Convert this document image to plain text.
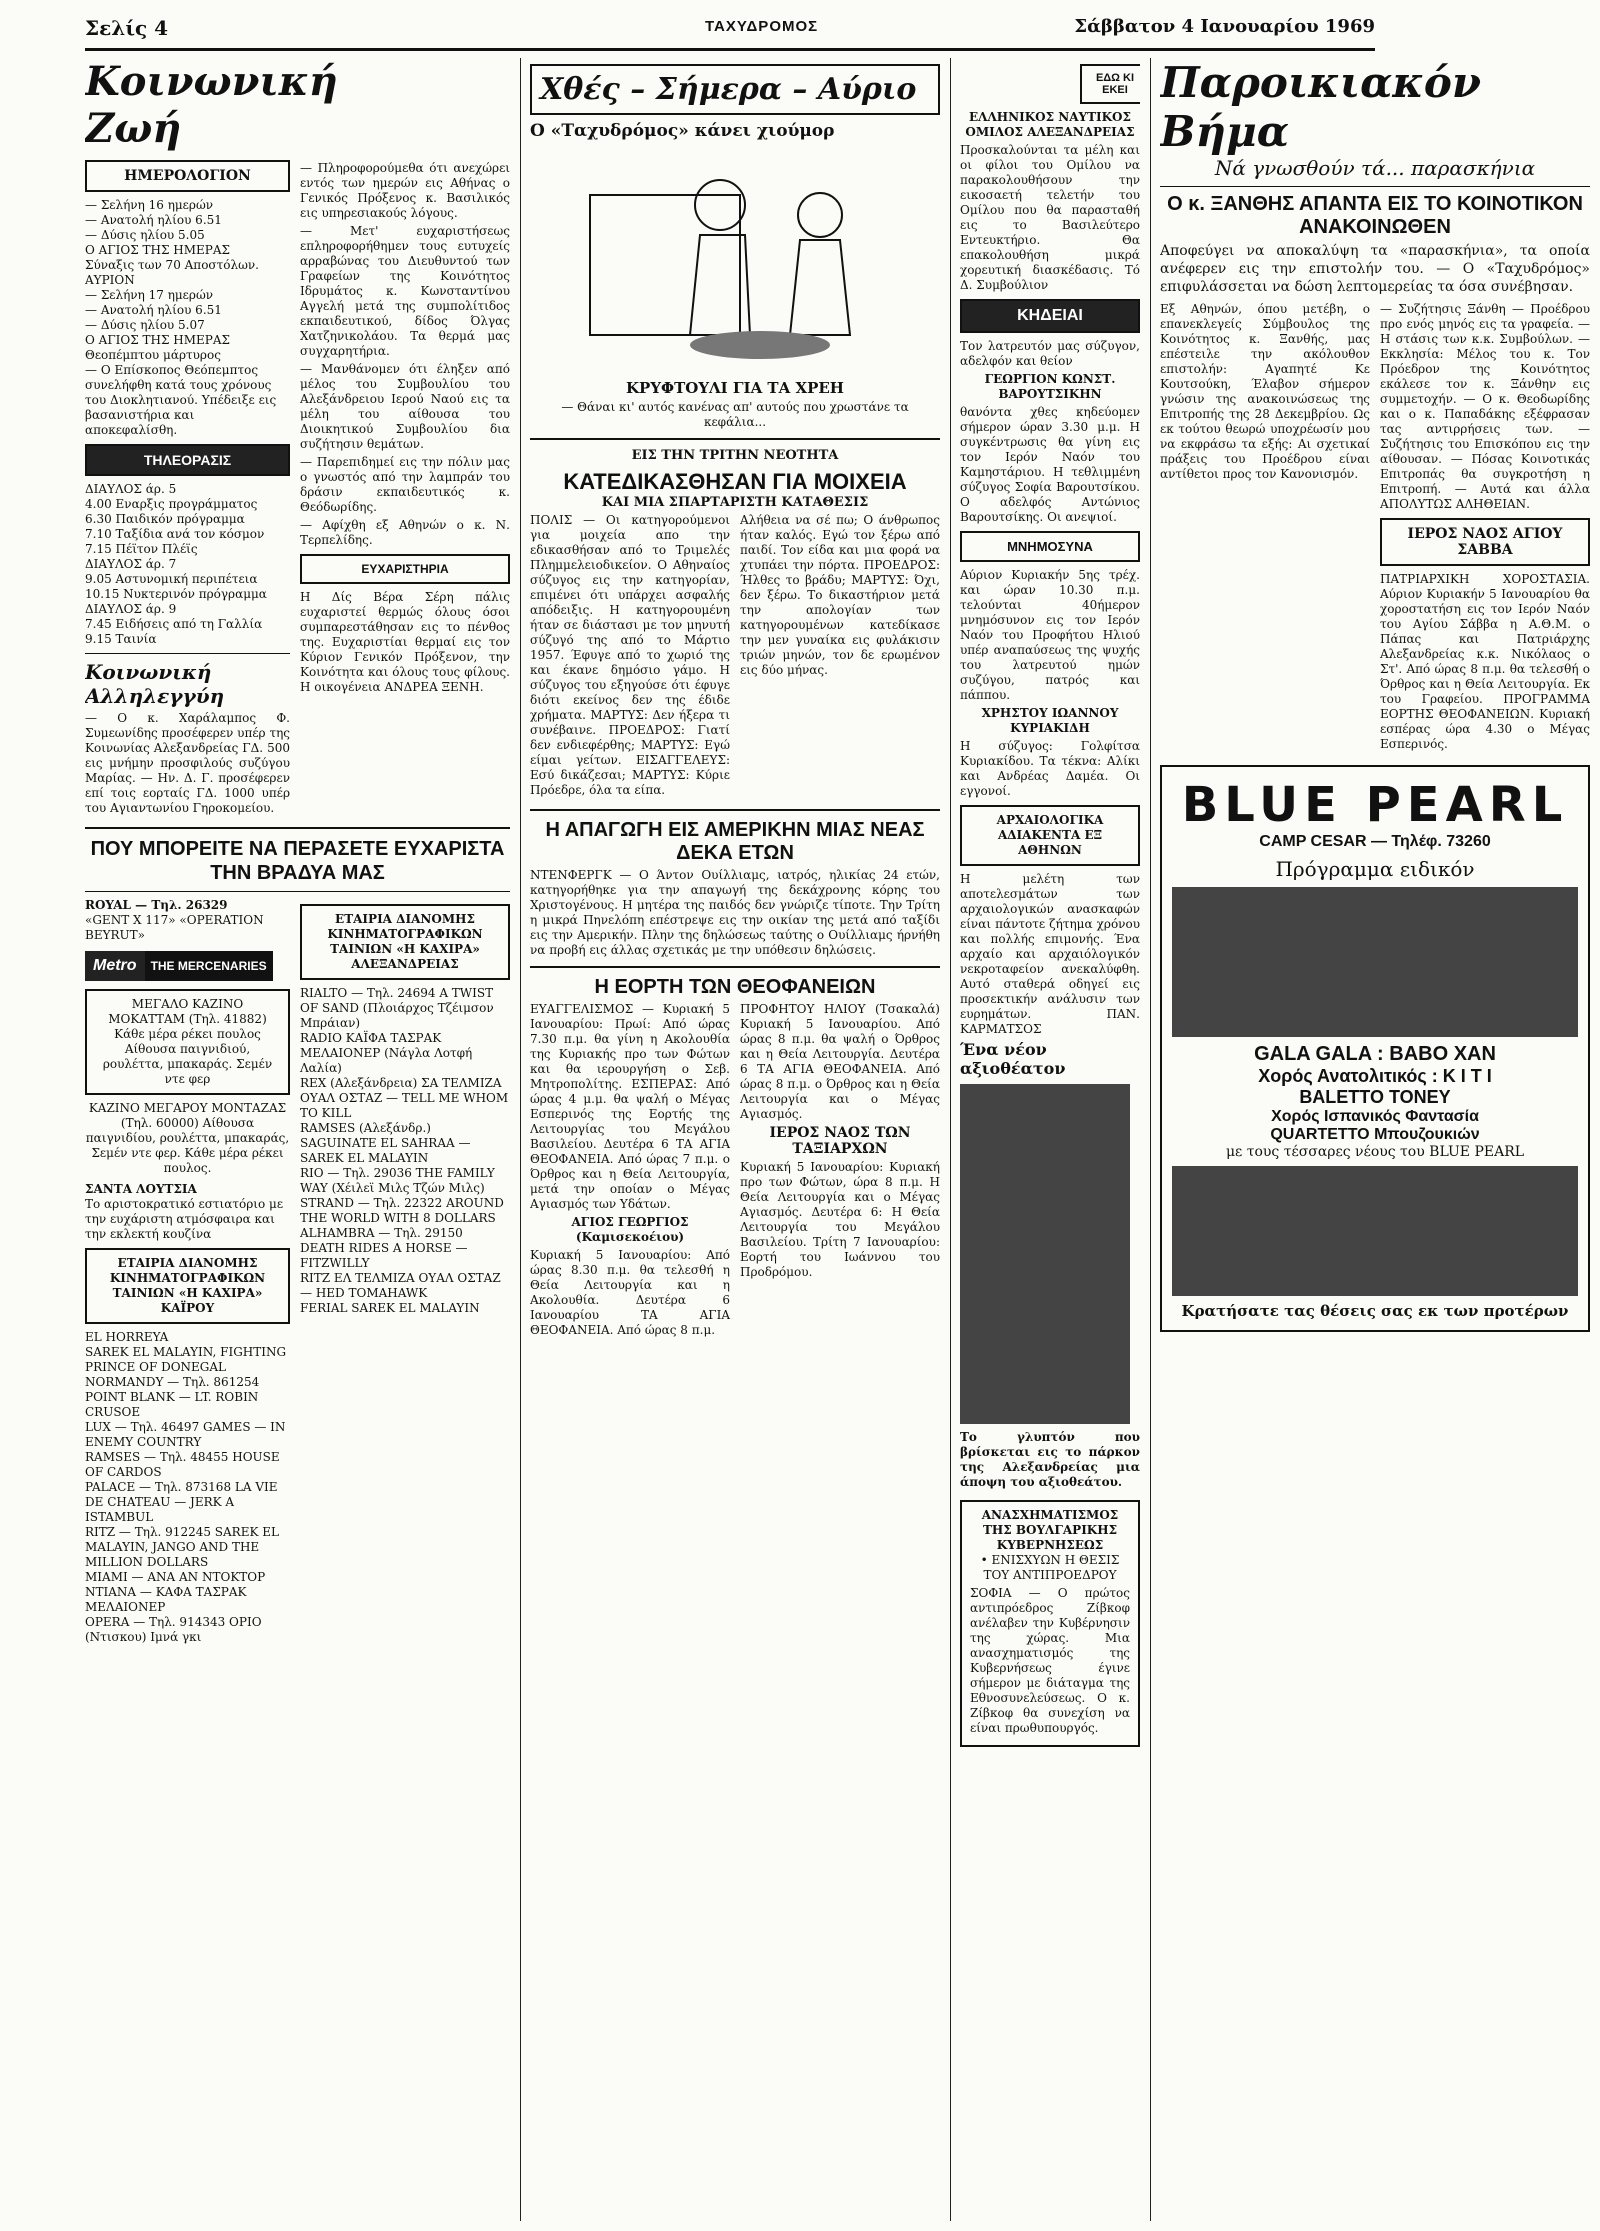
Σελίς 4	ΤΑΧΥΔΡΟΜΟΣ	Σάββατον 4 Ιανουαρίου 1969
Κοινωνική Ζωή
ΗΜΕΡΟΛΟΓΙΟΝ
— Σελήνη 16 ημερών
— Ανατολή ηλίου 6.51
— Δύσις ηλίου 5.05
Ο ΑΓΙΟΣ ΤΗΣ ΗΜΕΡΑΣ
Σύναξις των 70 Αποστόλων.
ΑΥΡΙΟΝ
— Σελήνη 17 ημερών
— Ανατολή ηλίου 6.51
— Δύσις ηλίου 5.07
Ο ΑΓΙΟΣ ΤΗΣ ΗΜΕΡΑΣ
Θεοπέμπτου μάρτυρος
— Ο Επίσκοπος Θεόπεμπτος συνελήφθη κατά τους χρόνους του Διοκλητιανού. Υπέδειξε εις βασανιστήρια και αποκεφαλίσθη.
ΤΗΛΕΟΡΑΣΙΣ
ΔΙΑΥΛΟΣ άρ. 5
4.00 Εναρξις προγράμματος
6.30 Παιδικόν πρόγραμμα
7.10 Ταξίδια ανά τον κόσμον
7.15 Πέϊτον Πλέϊς
ΔΙΑΥΛΟΣ άρ. 7
9.05 Αστυνομική περιπέτεια
10.15 Νυκτερινόν πρόγραμμα
ΔΙΑΥΛΟΣ άρ. 9
7.45 Ειδήσεις από τη Γαλλία
9.15 Ταινία
Κοινωνική Αλληλεγγύη

— Ο κ. Χαράλαμπος Φ. Συμεωνίδης προσέφερεν υπέρ της Κοινωνίας Αλεξανδρείας ΓΔ. 500 εις μνήμην προσφιλούς συζύγου Μαρίας. — Ην. Δ. Γ. προσέφερεν επί τοις εορταίς ΓΔ. 1000 υπέρ του Αγιαντωνίου Γηροκομείου.

— Πληροφορούμεθα ότι ανεχώρει εντός των ημερών εις Αθήνας ο Γενικός Πρόξενος κ. Βασιλικός εις υπηρεσιακούς λόγους.

— Μετ' ευχαριστήσεως επληροφορήθημεν τους ευτυχείς αρραβώνας του Διευθυντού των Γραφείων της Κοινότητος Ιδρυμάτος κ. Κωνσταντίνου Αγγελή μετά της συμπολίτιδος εκπαιδευτικού, δίδος Όλγας Χατζηνικολάου. Τα θερμά μας συγχαρητήρια.

— Μανθάνομεν ότι έληξεν από μέλος του Συμβουλίου του Αλεξάνδρειου Ιερού Ναού εις τα μέλη του αίθουσα του Διοικητικού Συμβουλίου δια συζήτησιν θεμάτων.

— Παρεπιδημεί εις την πόλιν μας ο γνωστός από την λαμπράν του δράσιν εκπαιδευτικός κ. Θεόδωρίδης.

— Αφίχθη εξ Αθηνών ο κ. Ν. Τερπελίδης.

ΕΥΧΑΡΙΣΤΗΡΙΑ

Η Δίς Βέρα Σέρη πάλις ευχαριστεί θερμώς όλους όσοι συμπαρεστάθησαν εις το πένθος της. Ευχαριστίαι θερμαί εις τον Κύριον Γενικόν Πρόξενον, την Κοινότητα και όλους τους φίλους. Η οικογένεια ΑΝΔΡΕΑ ΞΕΝΗ.

ΠΟΥ ΜΠΟΡΕΙΤΕ ΝΑ ΠΕΡΑΣΕΤΕ ΕΥΧΑΡΙΣΤΑ ΤΗΝ ΒΡΑΔΥΑ ΜΑΣ
ROYAL — Τηλ. 26329
«GENT X 117» «OPERATION BEYRUT»
Metro	THE MERCENARIES
ΜΕΓΑΛΟ ΚΑΖΙΝΟ ΜΟΚΑΤΤΑΜ (Τηλ. 41882) Κάθε μέρα ρέκει πουλος Αίθουσα παιγνιδιού, ρουλέττα, μπακαράς. Σεμέν ντε φερ
ΚΑΖΙΝΟ ΜΕΓΑΡΟΥ ΜΟΝΤΑΖΑΣ (Τηλ. 60000) Αίθουσα παιγνιδίου, ρουλέττα, μπακαράς, Σεμέν ντε φερ. Κάθε μέρα ρέκει πουλος.
ΣΑΝΤΑ ΛΟΥΤΣΙΑ
Το αριστοκρατικό εστιατόριο με την ευχάριστη ατμόσφαιρα και την εκλεκτή κουζίνα
ΕΤΑΙΡΙΑ ΔΙΑΝΟΜΗΣ ΚΙΝΗΜΑΤΟΓΡΑΦΙΚΩΝ ΤΑΙΝΙΩΝ «Η ΚΑΧΙΡΑ» ΚΑΪΡΟΥ
EL HORREYA
SAREK EL MALAYIN, FIGHTING PRINCE OF DONEGAL
NORMANDY — Τηλ. 861254 POINT BLANK — LT. ROBIN CRUSOE
LUX — Τηλ. 46497 GAMES — IN ENEMY COUNTRY
RAMSES — Τηλ. 48455 HOUSE OF CARDOS
PALACE — Τηλ. 873168 LA VIE DE CHATEAU — JERK A ISTAMBUL
RITZ — Τηλ. 912245 SAREK EL MALAYIN, JANGO AND THE MILLION DOLLARS
MIAMI — ΑΝΑ ΑΝ ΝΤΟΚΤΟΡ
NTIANA — ΚΑΦΑ ΤΑΣΡΑΚ ΜΕΛΑΙΟΝΕΡ
OPERA — Τηλ. 914343 ΟΡΙΟ (Ντισκου) Ιμνά γκι
ΕΤΑΙΡΙΑ ΔΙΑΝΟΜΗΣ ΚΙΝΗΜΑΤΟΓΡΑΦΙΚΩΝ ΤΑΙΝΙΩΝ «Η ΚΑΧΙΡΑ» ΑΛΕΞΑΝΔΡΕΙΑΣ
RIALTO — Τηλ. 24694 A TWIST OF SAND (Πλοιάρχος Τζέιμσον Μπράιαν)
RADIO ΚΑΪΦΑ ΤΑΣΡΑΚ ΜΕΛΑΙΟΝΕΡ (Νάγλα Λοτφή Λαλία)
REX (Αλεξάνδρεια) ΣΑ ΤΕΛΜΙΖΑ ΟΥΑΛ ΟΣΤΑΖ — TELL ME WHOM TO KILL
RAMSES (Αλεξάνδρ.) SAGUINATE EL SAHRAA — SAREK EL MALAYIN
RIO — Τηλ. 29036 THE FAMILY WAY (Χέιλεϊ Μιλς Τζών Μιλς)
STRAND — Τηλ. 22322 AROUND THE WORLD WITH 8 DOLLARS
ALHAMBRA — Τηλ. 29150 DEATH RIDES A HORSE — FITZWILLY
RITZ ΕΛ ΤΕΛΜΙΖΑ ΟΥΑΛ ΟΣΤΑΖ — HED TOMAHAWK
FERIAL SAREK EL MALAYIN
Χθές – Σήμερα – Αύριο
Ο «Ταχυδρόμος» κάνει χιούμορ
ΚΡΥΦΤΟΥΛΙ ΓΙΑ ΤΑ ΧΡΕΗ
— Θάναι κι' αυτός κανένας απ' αυτούς που χρωστάνε τα κεφάλια...
ΕΙΣ ΤΗΝ ΤΡΙΤΗΝ ΝΕΟΤΗΤΑ
ΚΑΤΕΔΙΚΑΣΘΗΣΑΝ ΓΙΑ ΜΟΙΧΕΙΑ
ΚΑΙ ΜΙΑ ΣΠΑΡΤΑΡΙΣΤΗ ΚΑΤΑΘΕΣΙΣ

ΠΟΛΙΣ — Οι κατηγορούμενοι για μοιχεία απο την εδικασθήσαν από το Τριμελές Πλημμελειοδικείον. Ο Αθηναίος σύζυγος εις την κατηγορίαν, επιμένει ότι υπάρχει ασφαλής απόδειξις. Η κατηγορουμένη ήταν σε διάστασι με τον μηνυτή σύζυγό της από το Μάρτιο 1957. Έφυγε από το χωριό της και έκανε δημόσιο γάμο. Η σύζυγος του εξηγούσε ότι έφυγε διότι εκείνος δεν της έδιδε χρήματα. ΜΑΡΤΥΣ: Δεν ήξερα τι συνέβαινε. ΠΡΟΕΔΡΟΣ: Γιατί δεν ενδιεφέρθης; ΜΑΡΤΥΣ: Εγώ είμαι γείτων. ΕΙΣΑΓΓΕΛΕΥΣ: Εσύ δικάζεσαι; ΜΑΡΤΥΣ: Κύριε Πρόεδρε, όλα τα είπα.

Αλήθεια να σέ πω; Ο άνθρωπος ήταν καλός. Εγώ τον ξέρω από παιδί. Τον είδα και μια φορά να χτυπάει την πόρτα. ΠΡΟΕΔΡΟΣ: Ήλθες το βράδυ; ΜΑΡΤΥΣ: Όχι, δεν ξέρω. Το δικαστήριον μετά την απολογίαν των κατηγορουμένων κατεδίκασε την μεν γυναίκα εις φυλάκισιν τριών μηνών, τον δε ερωμένον εις δύο μήνας.

Η ΑΠΑΓΩΓΗ ΕΙΣ ΑΜΕΡΙΚΗΝ ΜΙΑΣ ΝΕΑΣ ΔΕΚΑ ΕΤΩΝ

ΝΤΕΝΦΕΡΓΚ — Ο Άντον Ουίλλιαμς, ιατρός, ηλικίας 24 ετών, κατηγορήθηκε για την απαγωγή της δεκάχρονης κόρης του Χριστογένους. Η μητέρα της παιδός δεν γνώριζε τίποτε. Την Τρίτη η μικρά Πηνελόπη επέστρεψε εις την οικίαν της μετά από ταξίδι εις την Αμερικήν. Πλην της δηλώσεως ταύτης ο Ουίλλιαμς ήρνήθη να προβή εις άλλας σχετικάς με την υπόθεσιν δηλώσεις.

Η ΕΟΡΤΗ ΤΩΝ ΘΕΟΦΑΝΕΙΩΝ

ΕΥΑΓΓΕΛΙΣΜΟΣ — Κυριακή 5 Ιανουαρίου: Πρωί: Από ώρας 7.30 π.μ. θα γίνη η Ακολουθία της Κυριακής προ των Φώτων και θα ιερουργήση ο Σεβ. Μητροπολίτης. ΕΣΠΕΡΑΣ: Από ώρας 4 μ.μ. θα ψαλή ο Μέγας Εσπερινός της Εορτής της Λειτουργίας του Μεγάλου Βασιλείου. Δευτέρα 6 ΤΑ ΑΓΙΑ ΘΕΟΦΑΝΕΙΑ. Από ώρας 7 π.μ. ο Όρθρος και η Θεία Λειτουργία, μετά την οποίαν ο Μέγας Αγιασμός των Υδάτων.

ΑΓΙΟΣ ΓΕΩΡΓΙΟΣ (Καμισεκοέιου)

Κυριακή 5 Ιανουαρίου: Από ώρας 8.30 π.μ. θα τελεσθή η Θεία Λειτουργία και η Ακολουθία. Δευτέρα 6 Ιανουαρίου ΤΑ ΑΓΙΑ ΘΕΟΦΑΝΕΙΑ. Από ώρας 8 π.μ.

ΠΡΟΦΗΤΟΥ ΗΛΙΟΥ (Τσακαλά) Κυριακή 5 Ιανουαρίου. Από ώρας 8 π.μ. θα ψαλή ο Όρθρος και η Θεία Λειτουργία. Δευτέρα 6 ΤΑ ΑΓΙΑ ΘΕΟΦΑΝΕΙΑ. Από ώρας 8 π.μ. ο Όρθρος και η Θεία Λειτουργία και ο Μέγας Αγιασμός.

ΙΕΡΟΣ ΝΑΟΣ ΤΩΝ ΤΑΞΙΑΡΧΩΝ

Κυριακή 5 Ιανουαρίου: Κυριακή προ των Φώτων, ώρα 8 π.μ. Η Θεία Λειτουργία και ο Μέγας Αγιασμός. Δευτέρα 6: Η Θεία Λειτουργία του Μεγάλου Βασιλείου. Τρίτη 7 Ιανουαρίου: Εορτή του Ιωάννου του Προδρόμου.

ΕΔΩ ΚΙ ΕΚΕΙ
ΕΛΛΗΝΙΚΟΣ ΝΑΥΤΙΚΟΣ ΟΜΙΛΟΣ ΑΛΕΞΑΝΔΡΕΙΑΣ

Προσκαλούνται τα μέλη και οι φίλοι του Ομίλου να παρακολουθήσουν την εικοσαετή τελετήν του Ομίλου που θα παρασταθή εις το Βασιλεύτερο Εντευκτήριο. Θα επακολουθήση μικρά χορευτική διασκέδασις. Τό Δ. Συμβούλιον

ΚΗΔΕΙΑΙ

Τον λατρευτόν μας σύζυγον, αδελφόν και θείον

ΓΕΩΡΓΙΟΝ ΚΩΝΣΤ. ΒΑΡΟΥΤΣΙΚΗΝ

θανόντα χθες κηδεύομεν σήμερον ώραν 3.30 μ.μ. Η συγκέντρωσις θα γίνη εις τον Ιερόν Ναόν του Καμηστάριου. Η τεθλιμμένη σύζυγος Σοφία Βαρουτσίκου. Ο αδελφός Αντώνιος Βαρουτσίκης. Οι ανεψιοί.

ΜΝΗΜΟΣΥΝΑ

Αύριον Κυριακήν 5ης τρέχ. και ώραν 10.30 π.μ. τελούνται 40ήμερον μνημόσυνον εις τον Ιερόν Ναόν του Προφήτου Ηλιού υπέρ αναπαύσεως της ψυχής του λατρευτού ημών συζύγου, πατρός και πάππου.

ΧΡΗΣΤΟΥ ΙΩΑΝΝΟΥ ΚΥΡΙΑΚΙΔΗ

Η σύζυγος: Γολφίτσα Κυριακίδου. Τα τέκνα: Αλίκι και Ανδρέας Δαμέα. Οι εγγονοί.

ΑΡΧΑΙΟΛΟΓΙΚΑ ΑΔΙΑΚΕΝΤΑ ΕΞ ΑΘΗΝΩΝ

Η μελέτη των αποτελεσμάτων των αρχαιολογικών ανασκαφών είναι πάντοτε ζήτημα χρόνου και πολλής επιμονής. Ένα αρχαίο και αρχαιόλογικόν νεκροταφείον ανεκαλύφθη. Αυτό σταθερά οδηγεί εις προσεκτικήν ανάλυσιν των ευρημάτων. ΠΑΝ. ΚΑΡΜΑΤΣΟΣ

Ένα νέον αξιοθέατον

Το γλυπτόν που βρίσκεται εις το πάρκον της Αλεξανδρείας μια άποψη του αξιοθεάτου.

ΑΝΑΣΧΗΜΑΤΙΣΜΟΣ ΤΗΣ ΒΟΥΛΓΑΡΙΚΗΣ ΚΥΒΕΡΝΗΣΕΩΣ
• ΕΝΙΣΧΥΩΝ Η ΘΕΣΙΣ ΤΟΥ ΑΝΤΙΠΡΟΕΔΡΟΥ

ΣΟΦΙΑ — Ο πρώτος αντιπρόεδρος Ζίβκοφ ανέλαβεν την Κυβέρνησιν της χώρας. Μια ανασχηματισμός της Κυβερνήσεως έγινε σήμερον με διάταγμα της Εθνοσυνελεύσεως. Ο κ. Ζίβκοφ θα συνεχίση να είναι πρωθυπουργός.

Παροικιακόν Βήμα
Νά γνωσθούν τά... παρασκήνια
Ο κ. ΞΑΝΘΗΣ ΑΠΑΝΤΑ ΕΙΣ ΤΟ ΚΟΙΝΟΤΙΚΟΝ ΑΝΑΚΟΙΝΩΘΕΝ

Αποφεύγει να αποκαλύψη τα «παρασκήνια», τα οποία ανέφερεν εις την επιστολήν του. — Ο «Ταχυδρόμος» επιφυλάσσεται να δώση λεπτομερείας τα όσα συνέβησαν.

Εξ Αθηνών, όπου μετέβη, ο επανεκλεγείς Σύμβουλος της Κοινότητος κ. Ξανθής, μας επέστειλε την ακόλουθον επιστολήν: Αγαπητέ Κε Κουτσούκη, Έλαβον σήμερον γνώσιν της ανακοινώσεως της Επιτροπής της 28 Δεκεμβρίου. Ως εκ τούτου θεωρώ υποχρέωσίν μου να εκφράσω τα εξής: Αι σχετικαί πράξεις του Προέδρου είναι αντίθετοι προς τον Κανονισμόν.

— Συζήτησις Ξάνθη — Προέδρου προ ενός μηνός εις τα γραφεία. — Η στάσις των κ.κ. Συμβούλων. — Εκκλησία: Μέλος του κ. Τον Πρόεδρον της Κοινότητος εκάλεσε τον κ. Ξάνθην εις συμμετοχήν. — Ο κ. Θεοδωρίδης και ο κ. Παπαδάκης εξέφρασαν τας αντιρρήσεις των. — Συζήτησις του Επισκόπου εις την αίθουσαν. — Πόσας Κοινοτικάς Επιτροπάς θα συγκροτήση η Επιτροπή. — Αυτά και άλλα ΑΠΟΛΥΤΩΣ ΑΛΗΘΕΙΑΝ.

ΙΕΡΟΣ ΝΑΟΣ ΑΓΙΟΥ ΣΑΒΒΑ

ΠΑΤΡΙΑΡΧΙΚΗ ΧΟΡΟΣΤΑΣΙΑ. Αύριον Κυριακήν 5 Ιανουαρίου θα χοροστατήση εις τον Ιερόν Ναόν του Αγίου Σάββα η Α.Θ.Μ. ο Πάπας και Πατριάρχης Αλεξανδρείας κ.κ. Νικόλαος ο Στ'. Από ώρας 8 π.μ. θα τελεσθή ο Όρθρος και η Θεία Λειτουργία. Εκ του Γραφείου. ΠΡΟΓΡΑΜΜΑ ΕΟΡΤΗΣ ΘΕΟΦΑΝΕΙΩΝ. Κυριακή εσπέρας ώρα 4.30 ο Μέγας Εσπερινός.

BLUE PEARL
CAMP CESAR — Τηλέφ. 73260
Πρόγραμμα ειδικόν
GALA GALA : BABO XAN
Χορός Ανατολιτικός : Κ Ι Τ Ι
BALETTO TONEY
Χορός Ισπανικός Φαντασία
QUARTETTO Μπουζουκιών
με τους τέσσαρες νέους του BLUE PEARL
Κρατήσατε τας θέσεις σας εκ των προτέρων
